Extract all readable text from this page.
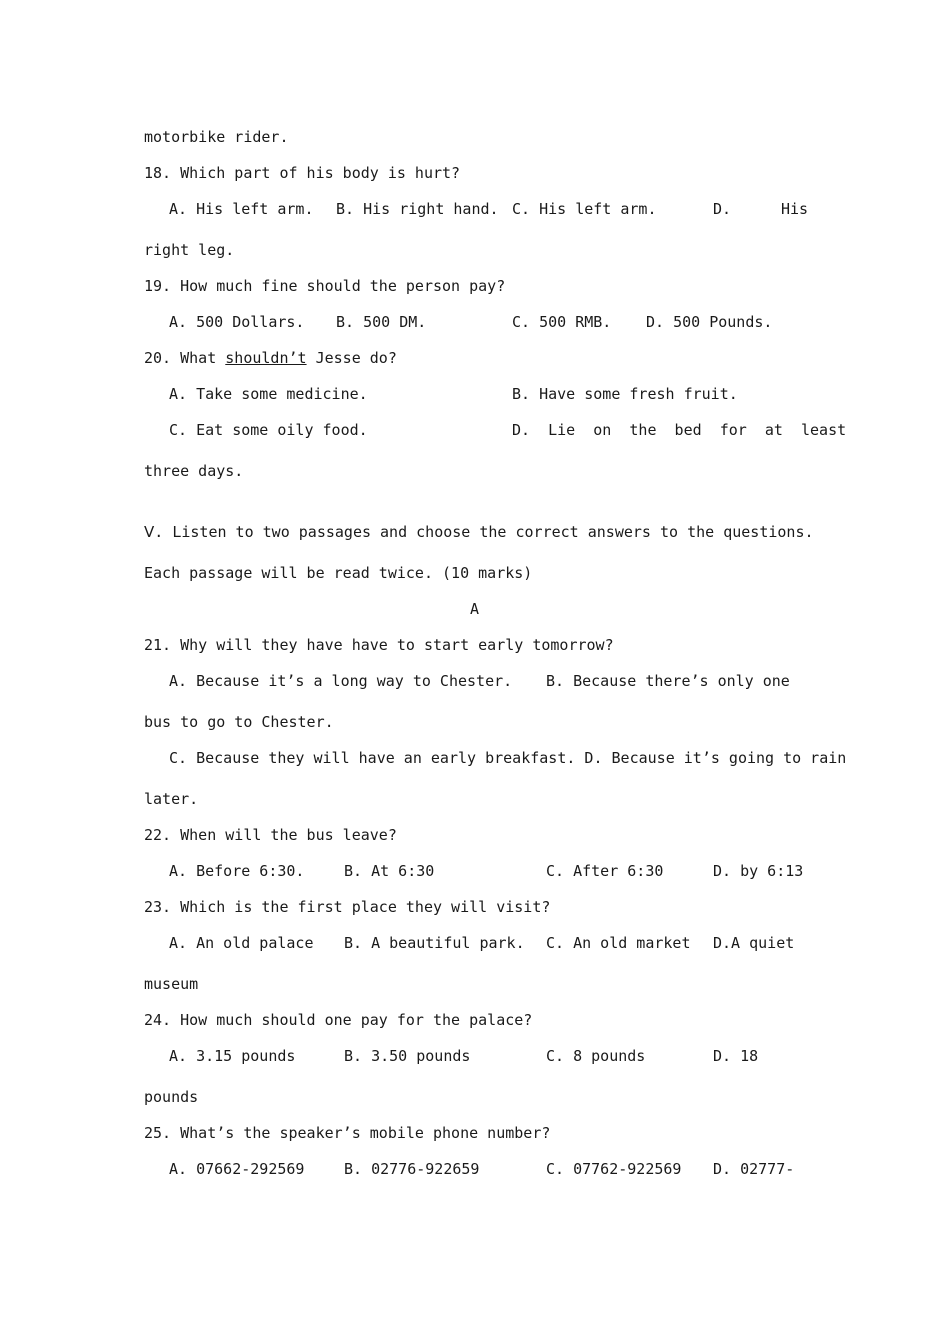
motorbike rider.
18. Which part of his body is hurt?
A. His left arm. B. His right hand. C. His left arm.	D.	His
right leg.
19. How much fine should the person pay?
A. 500 Dollars. B. 500 DM.	C. 500 RMB. D. 500 Pounds.
20. What shouldn’t Jesse do?
A. Take some medicine.	B. Have some fresh fruit.
C. Eat some oily food.	D.  Lie  on  the  bed  for  at  least
three days.
Ⅴ. Listen to two passages and choose the correct answers to the questions.
Each passage will be read twice. (10 marks)
A
21. Why will they have have to start early tomorrow?
A. Because it’s a long way to Chester. B. Because there’s only one
bus to go to Chester.
C. Because they will have an early breakfast. D. Because it’s going to rain
later.
22. When will the bus leave?
A. Before 6:30.	B. At 6:30	C. After 6:30	D. by 6:13
23. Which is the first place they will visit?
A. An old palace B. A beautiful park. C. An old market D.A quiet
museum
24. How much should one pay for the palace?
A. 3.15 pounds	B. 3.50 pounds	C. 8 pounds	D. 18
pounds
25. What’s the speaker’s mobile phone number?
A. 07662-292569	B. 02776-922659	C. 07762-922569 D. 02777-
